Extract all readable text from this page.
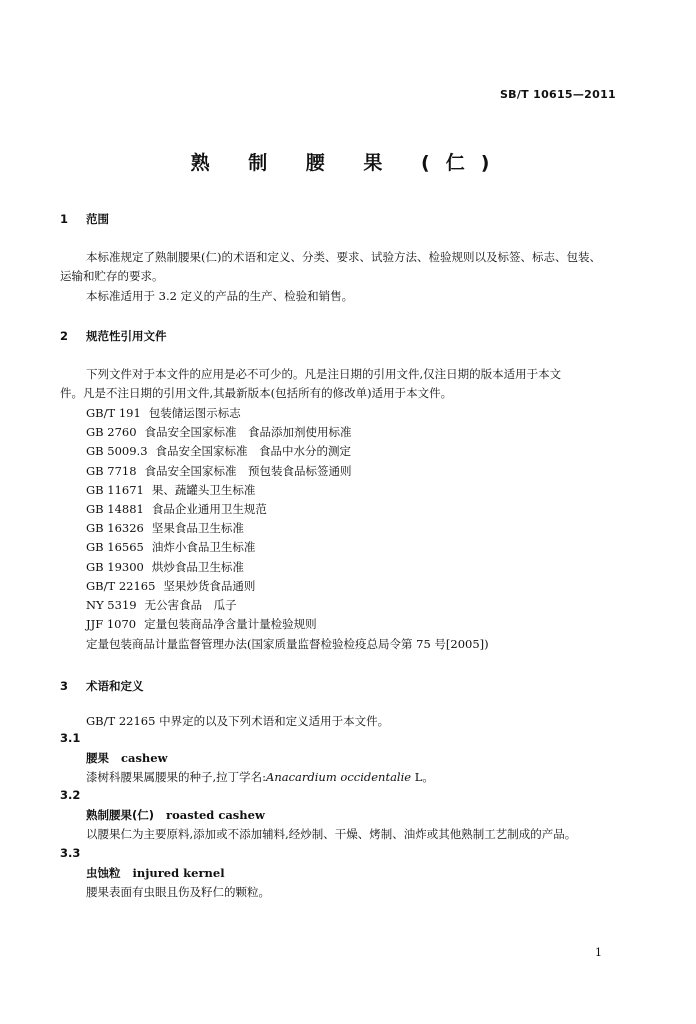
SB/T 10615—2011
熟 制 腰 果 (仁)
1 范围
本标准规定了熟制腰果(仁)的术语和定义、分类、要求、试验方法、检验规则以及标签、标志、包装、
运输和贮存的要求。
本标准适用于 3.2 定义的产品的生产、检验和销售。
2 规范性引用文件
下列文件对于本文件的应用是必不可少的。凡是注日期的引用文件,仅注日期的版本适用于本文
件。凡是不注日期的引用文件,其最新版本(包括所有的修改单)适用于本文件。
GB/T 191 包装储运图示标志
GB 2760 食品安全国家标准　食品添加剂使用标准
GB 5009.3 食品安全国家标准　食品中水分的测定
GB 7718 食品安全国家标准　预包装食品标签通则
GB 11671 果、蔬罐头卫生标准
GB 14881 食品企业通用卫生规范
GB 16326 坚果食品卫生标准
GB 16565 油炸小食品卫生标准
GB 19300 烘炒食品卫生标准
GB/T 22165 坚果炒货食品通则
NY 5319 无公害食品　瓜子
JJF 1070 定量包装商品净含量计量检验规则
定量包装商品计量监督管理办法(国家质量监督检验检疫总局令第 75 号[2005])
3 术语和定义
GB/T 22165 中界定的以及下列术语和定义适用于本文件。
3.1
腰果 cashew
漆树科腰果属腰果的种子,拉丁学名:Anacardium occidentalie L。
3.2
熟制腰果(仁) roasted cashew
以腰果仁为主要原料,添加或不添加辅料,经炒制、干燥、烤制、油炸或其他熟制工艺制成的产品。
3.3
虫蚀粒 injured kernel
腰果表面有虫眼且伤及籽仁的颗粒。
1
